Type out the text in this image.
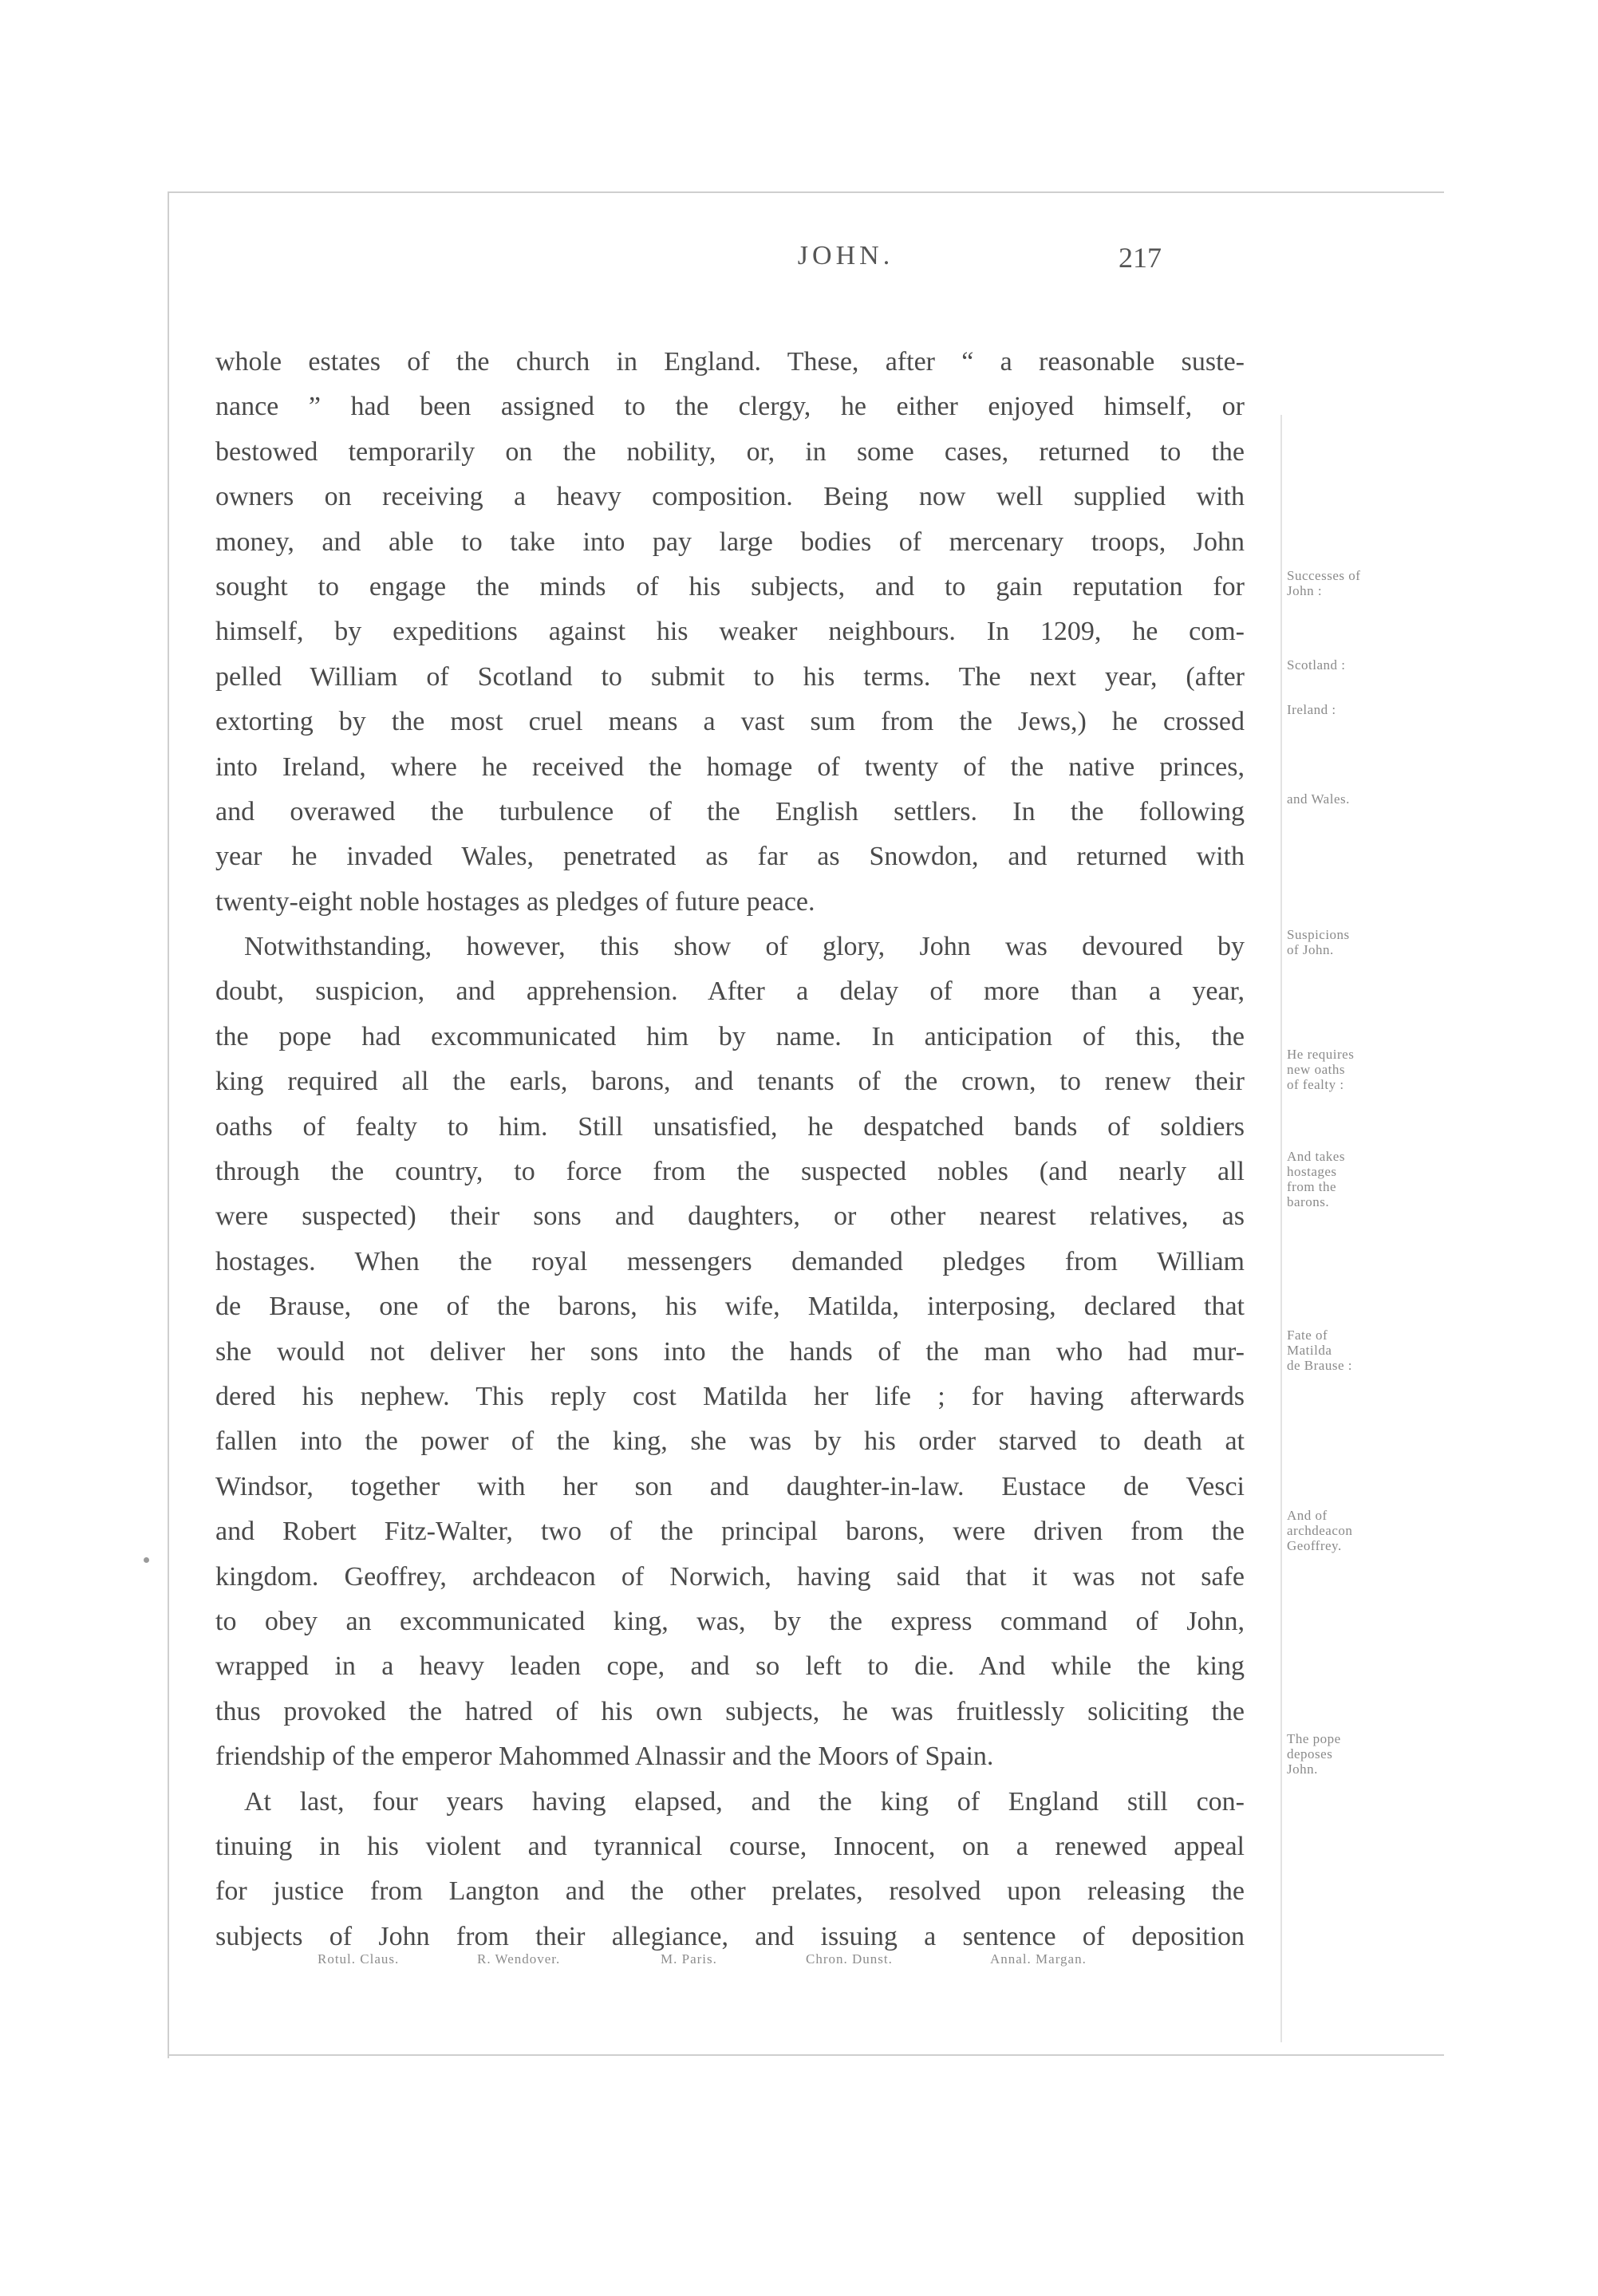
JOHN.	217
whole estates of the church in England. These, after “ a reasonable suste-
nance ” had been assigned to the clergy, he either enjoyed himself, or
bestowed temporarily on the nobility, or, in some cases, returned to the
owners on receiving a heavy composition. Being now well supplied with
money, and able to take into pay large bodies of mercenary troops, John
sought to engage the minds of his subjects, and to gain reputation for
himself, by expeditions against his weaker neighbours. In 1209, he com-
pelled William of Scotland to submit to his terms. The next year, (after
extorting by the most cruel means a vast sum from the Jews,) he crossed
into Ireland, where he received the homage of twenty of the native princes,
and overawed the turbulence of the English settlers. In the following
year he invaded Wales, penetrated as far as Snowdon, and returned with
twenty-eight noble hostages as pledges of future peace.
Notwithstanding, however, this show of glory, John was devoured by
doubt, suspicion, and apprehension. After a delay of more than a year,
the pope had excommunicated him by name. In anticipation of this, the
king required all the earls, barons, and tenants of the crown, to renew their
oaths of fealty to him. Still unsatisfied, he despatched bands of soldiers
through the country, to force from the suspected nobles (and nearly all
were suspected) their sons and daughters, or other nearest relatives, as
hostages. When the royal messengers demanded pledges from William
de Brause, one of the barons, his wife, Matilda, interposing, declared that
she would not deliver her sons into the hands of the man who had mur-
dered his nephew. This reply cost Matilda her life ; for having afterwards
fallen into the power of the king, she was by his order starved to death at
Windsor, together with her son and daughter-in-law. Eustace de Vesci
and Robert Fitz-Walter, two of the principal barons, were driven from the
kingdom. Geoffrey, archdeacon of Norwich, having said that it was not safe
to obey an excommunicated king, was, by the express command of John,
wrapped in a heavy leaden cope, and so left to die. And while the king
thus provoked the hatred of his own subjects, he was fruitlessly soliciting the
friendship of the emperor Mahommed Alnassir and the Moors of Spain.
At last, four years having elapsed, and the king of England still con-
tinuing in his violent and tyrannical course, Innocent, on a renewed appeal
for justice from Langton and the other prelates, resolved upon releasing the
subjects of John from their allegiance, and issuing a sentence of deposition
Successes of
John :
Scotland :
Ireland :
and Wales.
Suspicions
of John.
He requires
new oaths
of fealty :
And takes
hostages
from the
barons.
Fate of
Matilda
de Brause :
And of
archdeacon
Geoffrey.
The pope
deposes
John.
Rotul. Claus.	R. Wendover.	M. Paris.	Chron. Dunst.	Annal. Margan.
